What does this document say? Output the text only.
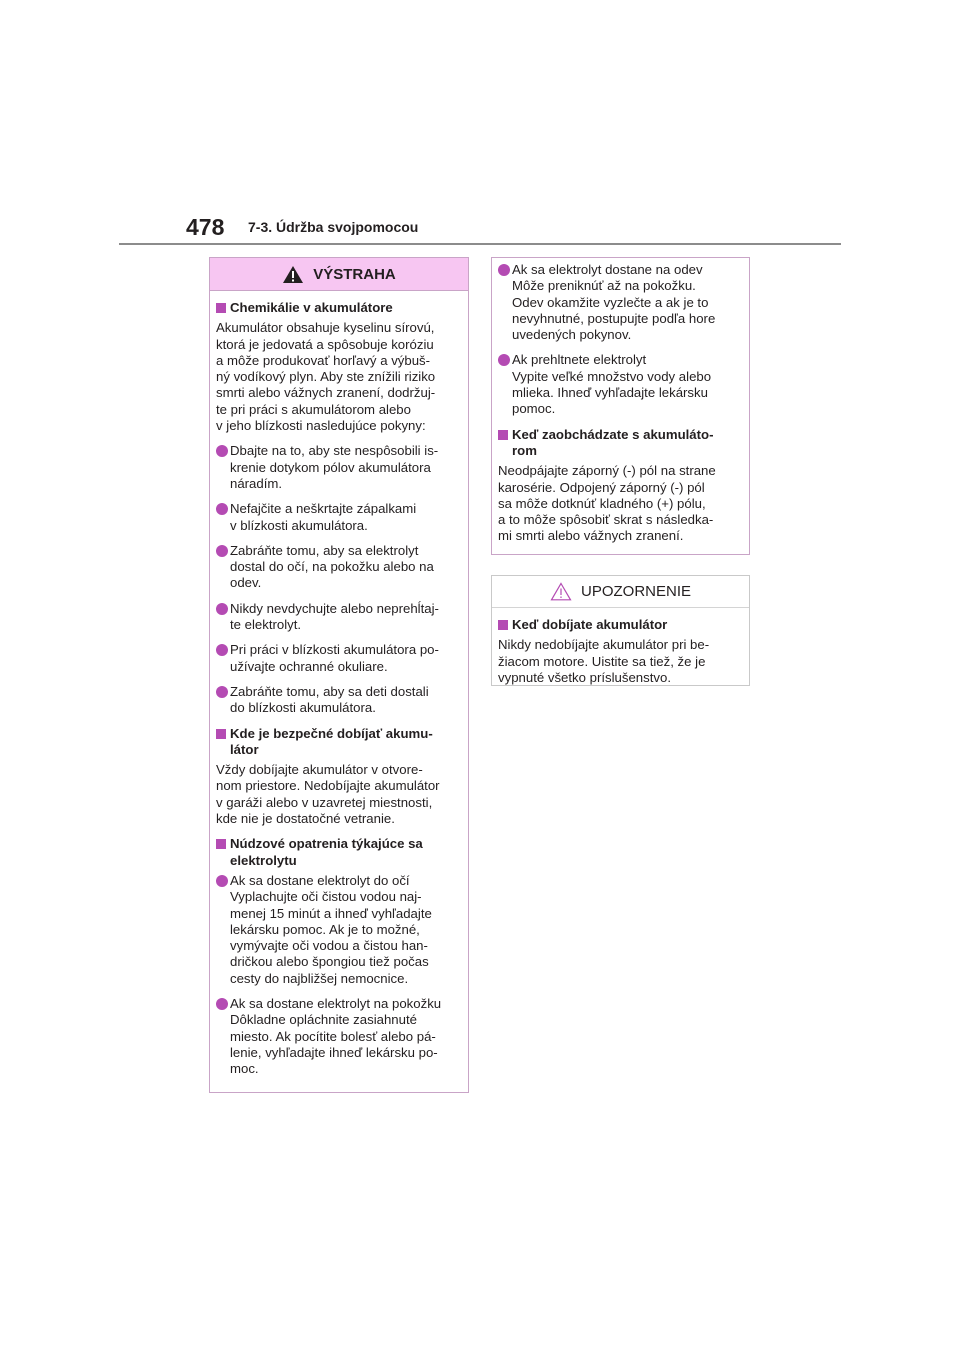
478 7-3. Údržba svojpomocou
VÝSTRAHA
Chemikálie v akumulátore
Akumulátor obsahuje kyselinu sírovú,
ktorá je jedovatá a spôsobuje koróziu
a môže produkovať horľavý a výbuš-
ný vodíkový plyn. Aby ste znížili riziko
smrti alebo vážnych zranení, dodržuj-
te pri práci s akumulátorom alebo
v jeho blízkosti nasledujúce pokyny:
Dbajte na to, aby ste nespôsobili is-
krenie dotykom pólov akumulátora
náradím.
Nefajčite a neškrtajte zápalkami
v blízkosti akumulátora.
Zabráňte tomu, aby sa elektrolyt
dostal do očí, na pokožku alebo na
odev.
Nikdy nevdychujte alebo neprehĺtaj-
te elektrolyt.
Pri práci v blízkosti akumulátora po-
užívajte ochranné okuliare.
Zabráňte tomu, aby sa deti dostali
do blízkosti akumulátora.
Kde je bezpečné dobíjať akumu-
látor
Vždy dobíjajte akumulátor v otvore-
nom priestore. Nedobíjajte akumulátor
v garáži alebo v uzavretej miestnosti,
kde nie je dostatočné vetranie.
Núdzové opatrenia týkajúce sa
elektrolytu
Ak sa dostane elektrolyt do očí
Vyplachujte oči čistou vodou naj-
menej 15 minút a ihneď vyhľadajte
lekársku pomoc. Ak je to možné,
vymývajte oči vodou a čistou han-
dričkou alebo špongiou tiež počas
cesty do najbližšej nemocnice.
Ak sa dostane elektrolyt na pokožku
Dôkladne opláchnite zasiahnuté
miesto. Ak pocítite bolesť alebo pá-
lenie, vyhľadajte ihneď lekársku po-
moc.
Ak sa elektrolyt dostane na odev
Môže preniknúť až na pokožku.
Odev okamžite vyzlečte a ak je to
nevyhnutné, postupujte podľa hore
uvedených pokynov.
Ak prehltnete elektrolyt
Vypite veľké množstvo vody alebo
mlieka. Ihneď vyhľadajte lekársku
pomoc.
Keď zaobchádzate s akumuláto-
rom
Neodpájajte záporný (-) pól na strane
karosérie. Odpojený záporný (-) pól
sa môže dotknúť kladného (+) pólu,
a to môže spôsobiť skrat s následka-
mi smrti alebo vážnych zranení.
UPOZORNENIE
Keď dobíjate akumulátor
Nikdy nedobíjajte akumulátor pri be-
žiacom motore. Uistite sa tiež, že je
vypnuté všetko príslušenstvo.
